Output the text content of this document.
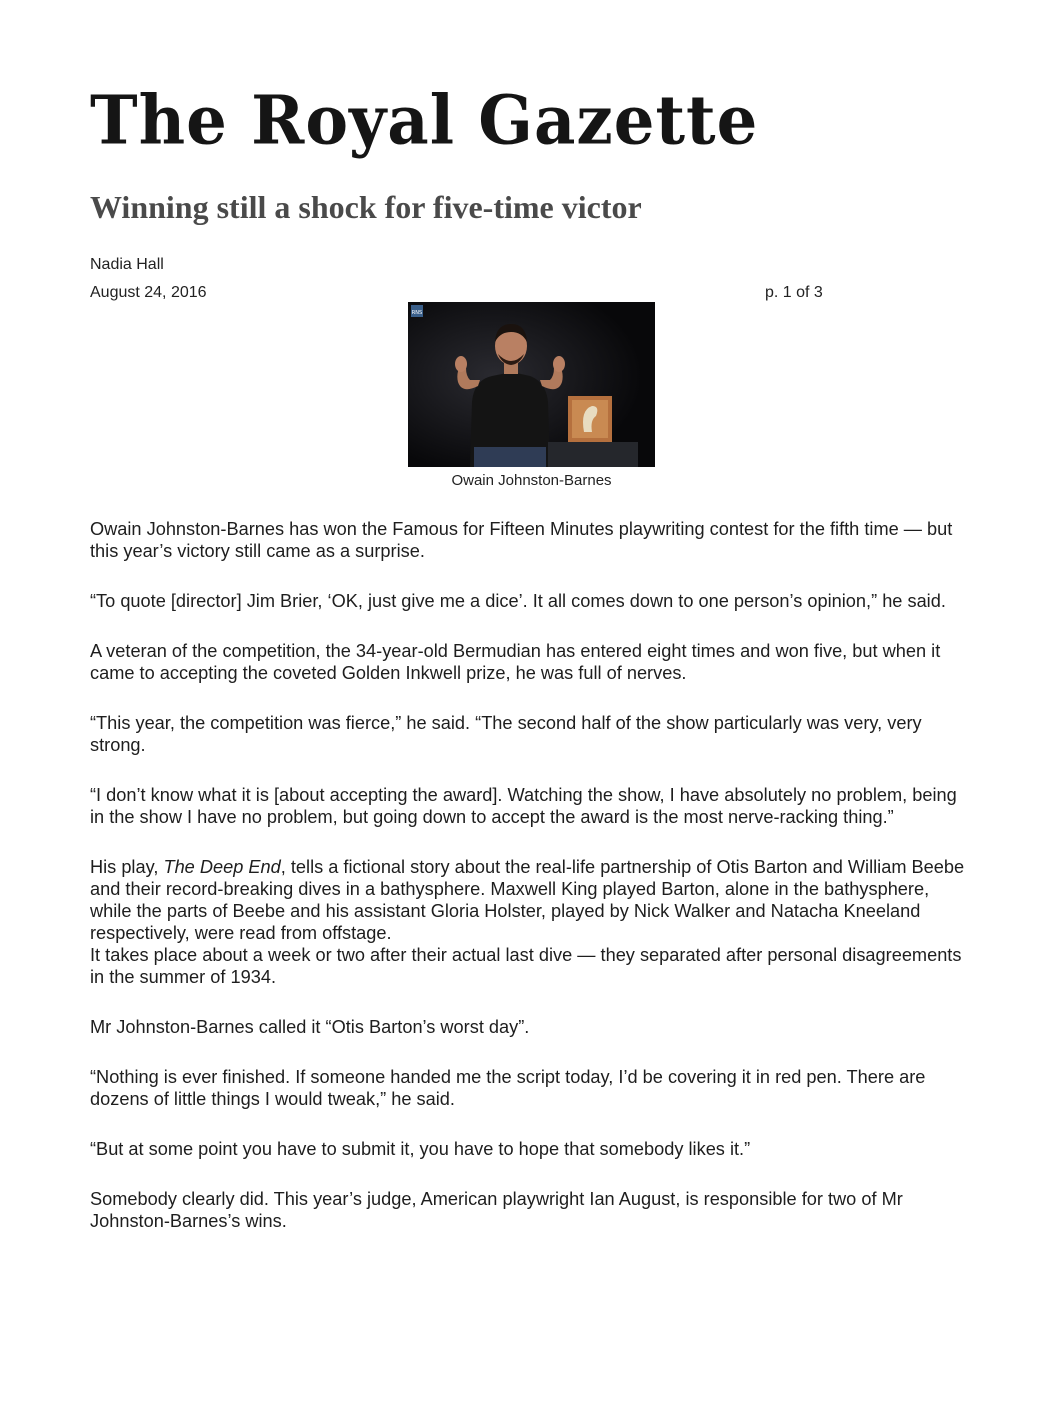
The Royal Gazette
Winning still a shock for five-time victor
Nadia Hall
August 24, 2016	p. 1 of 3
RNS
Owain Johnston-Barnes

Owain Johnston-Barnes has won the Famous for Fifteen Minutes playwriting contest for the fifth time — but this year’s victory still came as a surprise.

“To quote [director] Jim Brier, ‘OK, just give me a dice’. It all comes down to one person’s opinion,” he said.

A veteran of the competition, the 34-year-old Bermudian has entered eight times and won five, but when it came to accepting the coveted Golden Inkwell prize, he was full of nerves.

“This year, the competition was fierce,” he said. “The second half of the show particularly was very, very strong.

“I don’t know what it is [about accepting the award]. Watching the show, I have absolutely no problem, being in the show I have no problem, but going down to accept the award is the most nerve-racking thing.”

His play, The Deep End, tells a fictional story about the real-life partnership of Otis Barton and William Beebe and their record-breaking dives in a bathysphere. Maxwell King played Barton, alone in the bathysphere, while the parts of Beebe and his assistant Gloria Holster, played by Nick Walker and Natacha Kneeland respectively, were read from offstage.

It takes place about a week or two after their actual last dive — they separated after personal disagreements in the summer of 1934.

Mr Johnston-Barnes called it “Otis Barton’s worst day”.

“Nothing is ever finished. If someone handed me the script today, I’d be covering it in red pen. There are dozens of little things I would tweak,” he said.

“But at some point you have to submit it, you have to hope that somebody likes it.”

Somebody clearly did. This year’s judge, American playwright Ian August, is responsible for two of Mr Johnston-Barnes’s wins.
